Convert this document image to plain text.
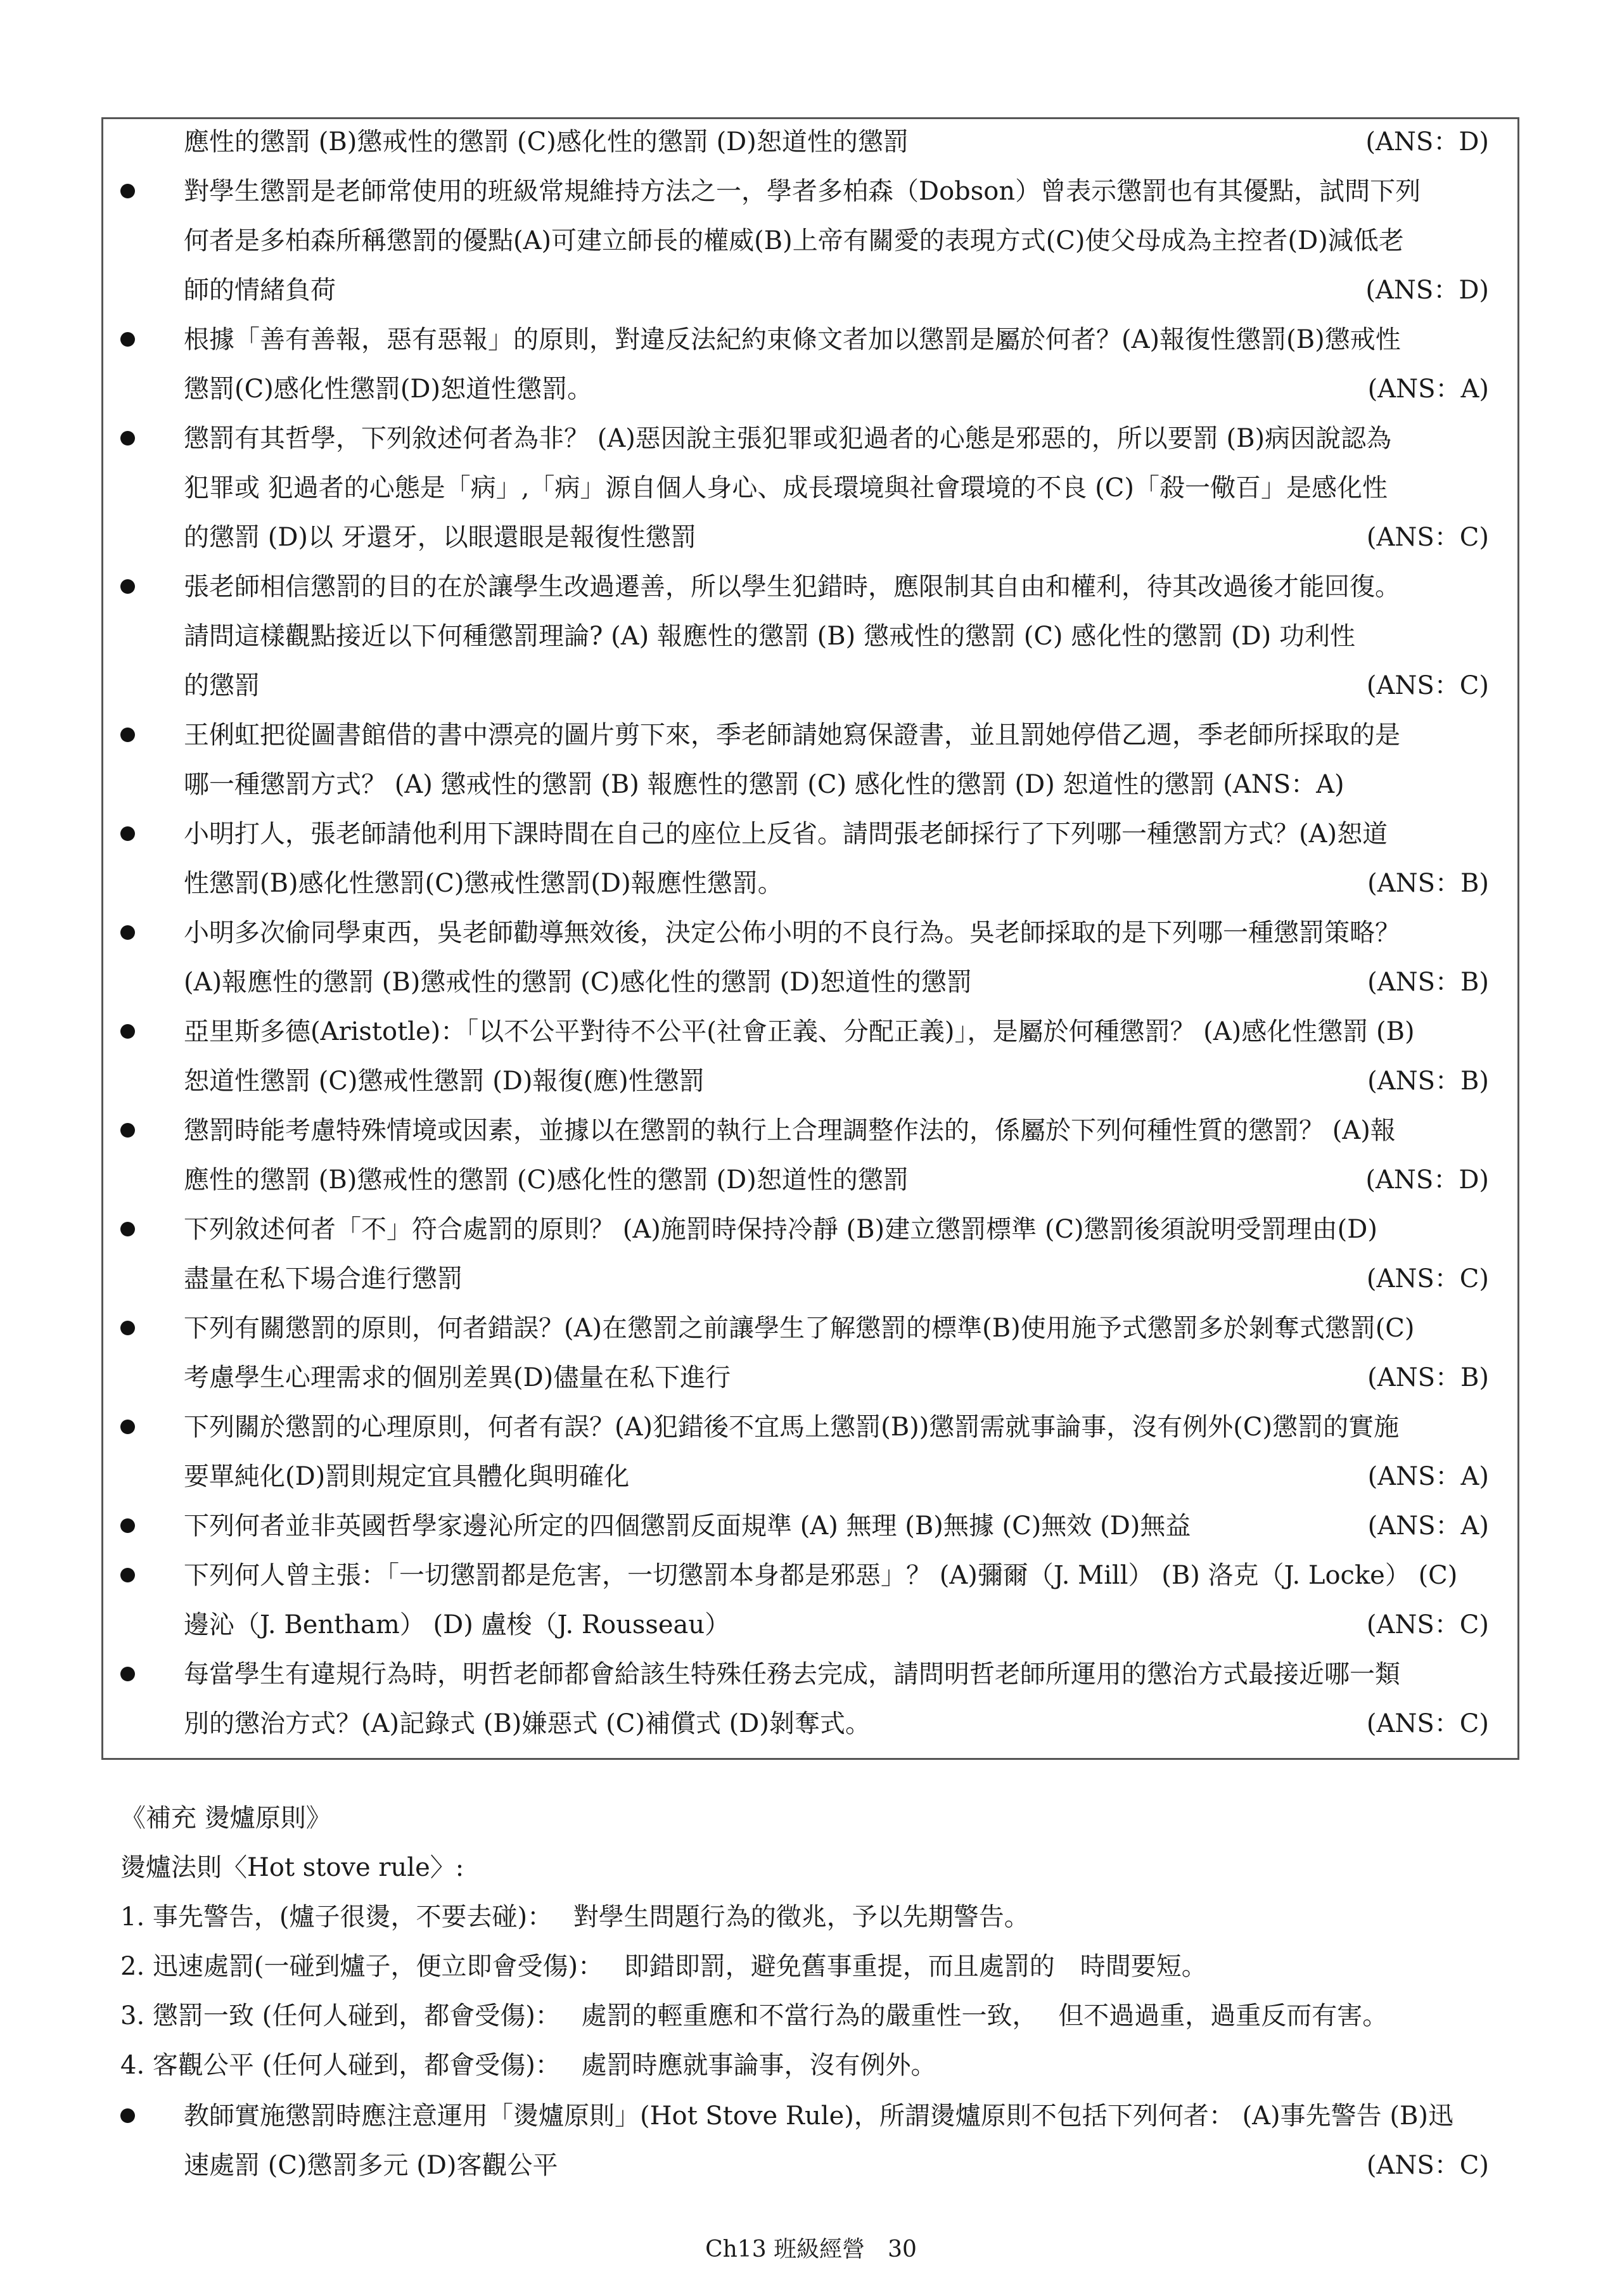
應性的懲罰 (B)懲戒性的懲罰 (C)感化性的懲罰 (D)恕道性的懲罰	(ANS：D)
對學生懲罰是老師常使用的班級常規維持方法之一，學者多柏森（Dobson）曾表示懲罰也有其優點，試問下列
何者是多柏森所稱懲罰的優點(A)可建立師長的權威(B)上帝有關愛的表現方式(C)使父母成為主控者(D)減低老
師的情緒負荷	(ANS：D)
根據「善有善報，惡有惡報」的原則，對違反法紀約束條文者加以懲罰是屬於何者？(A)報復性懲罰(B)懲戒性
懲罰(C)感化性懲罰(D)恕道性懲罰。	(ANS：A)
懲罰有其哲學，下列敘述何者為非？ (A)惡因說主張犯罪或犯過者的心態是邪惡的，所以要罰 (B)病因說認為
犯罪或 犯過者的心態是「病」,「病」源自個人身心、成長環境與社會環境的不良 (C)「殺一儆百」是感化性
的懲罰 (D)以 牙還牙，以眼還眼是報復性懲罰	(ANS：C)
張老師相信懲罰的目的在於讓學生改過遷善，所以學生犯錯時，應限制其自由和權利，待其改過後才能回復。
請問這樣觀點接近以下何種懲罰理論? (A) 報應性的懲罰 (B) 懲戒性的懲罰 (C) 感化性的懲罰 (D) 功利性
的懲罰	(ANS：C)
王俐虹把從圖書館借的書中漂亮的圖片剪下來，季老師請她寫保證書，並且罰她停借乙週，季老師所採取的是
哪一種懲罰方式？ (A) 懲戒性的懲罰 (B) 報應性的懲罰 (C) 感化性的懲罰 (D) 恕道性的懲罰 (ANS：A)
小明打人，張老師請他利用下課時間在自己的座位上反省。請問張老師採行了下列哪一種懲罰方式？(A)恕道
性懲罰(B)感化性懲罰(C)懲戒性懲罰(D)報應性懲罰。	(ANS：B)
小明多次偷同學東西，吳老師勸導無效後，決定公佈小明的不良行為。吳老師採取的是下列哪一種懲罰策略？
(A)報應性的懲罰 (B)懲戒性的懲罰 (C)感化性的懲罰 (D)恕道性的懲罰	(ANS：B)
亞里斯多德(Aristotle)：「以不公平對待不公平(社會正義、分配正義)」，是屬於何種懲罰？ (A)感化性懲罰 (B)
恕道性懲罰 (C)懲戒性懲罰 (D)報復(應)性懲罰	(ANS：B)
懲罰時能考慮特殊情境或因素，並據以在懲罰的執行上合理調整作法的，係屬於下列何種性質的懲罰？ (A)報
應性的懲罰 (B)懲戒性的懲罰 (C)感化性的懲罰 (D)恕道性的懲罰	(ANS：D)
下列敘述何者「不」符合處罰的原則？ (A)施罰時保持冷靜 (B)建立懲罰標準 (C)懲罰後須說明受罰理由(D)
盡量在私下場合進行懲罰	(ANS：C)
下列有關懲罰的原則，何者錯誤？(A)在懲罰之前讓學生了解懲罰的標準(B)使用施予式懲罰多於剝奪式懲罰(C)
考慮學生心理需求的個別差異(D)儘量在私下進行	(ANS：B)
下列關於懲罰的心理原則，何者有誤？(A)犯錯後不宜馬上懲罰(B))懲罰需就事論事，沒有例外(C)懲罰的實施
要單純化(D)罰則規定宜具體化與明確化	(ANS：A)
下列何者並非英國哲學家邊沁所定的四個懲罰反面規準 (A) 無理 (B)無據 (C)無效 (D)無益	(ANS：A)
下列何人曾主張：「一切懲罰都是危害，一切懲罰本身都是邪惡」？ (A)彌爾（J. Mill） (B) 洛克（J. Locke） (C)
邊沁（J. Bentham） (D) 盧梭（J. Rousseau）	(ANS：C)
每當學生有違規行為時，明哲老師都會給該生特殊任務去完成，請問明哲老師所運用的懲治方式最接近哪一類
別的懲治方式？(A)記錄式 (B)嫌惡式 (C)補償式 (D)剝奪式。	(ANS：C)
《補充 燙爐原則》
燙爐法則〈Hot stove rule〉:
1. 事先警告，(爐子很燙，不要去碰)：　 對學生問題行為的徵兆，予以先期警告。
2. 迅速處罰(一碰到爐子，便立即會受傷)：　 即錯即罰，避免舊事重提，而且處罰的　時間要短。
3. 懲罰一致 (任何人碰到，都會受傷)：　 處罰的輕重應和不當行為的嚴重性一致，　 但不過過重，過重反而有害。
4. 客觀公平 (任何人碰到，都會受傷)：　 處罰時應就事論事，沒有例外。
教師實施懲罰時應注意運用「燙爐原則」(Hot Stove Rule)，所謂燙爐原則不包括下列何者： (A)事先警告 (B)迅
速處罰 (C)懲罰多元 (D)客觀公平	(ANS：C)
Ch13 班級經營　30
